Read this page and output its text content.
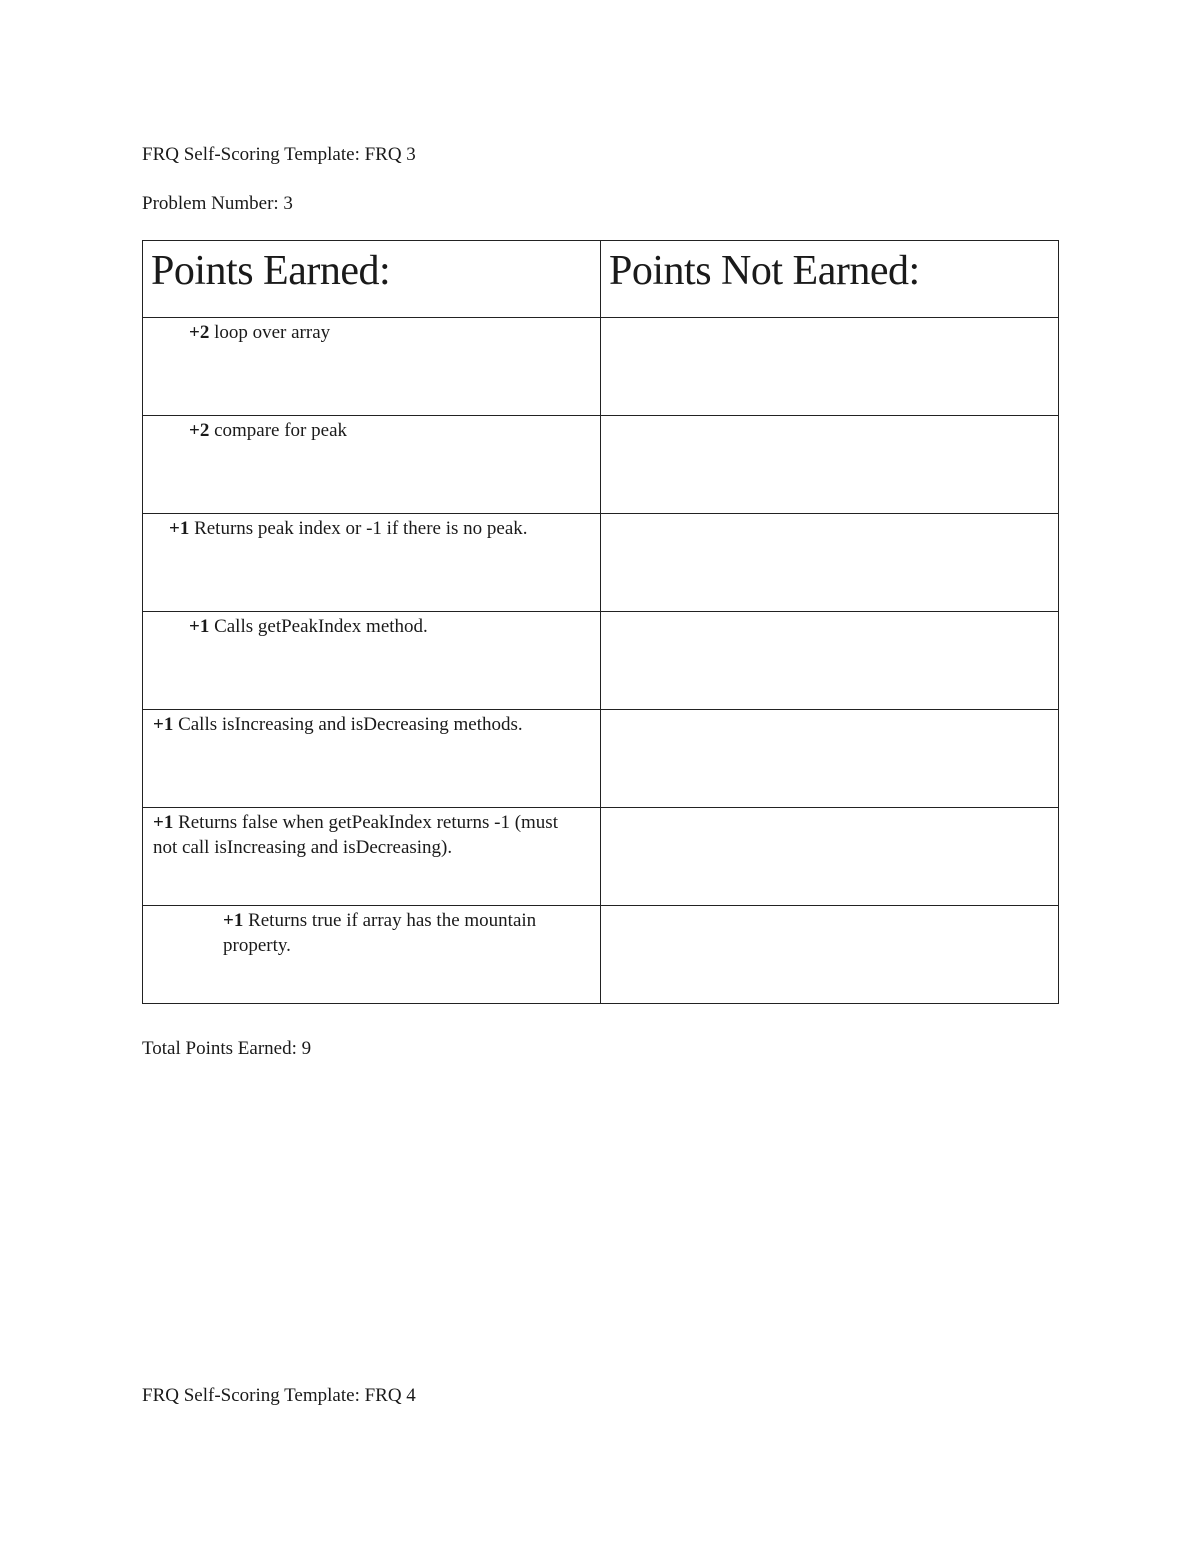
FRQ Self-Scoring Template: FRQ 3
Problem Number: 3
Points Earned:	Points Not Earned:

+2 loop over array	

+2 compare for peak	

+1 Returns peak index or -1 if there is no peak.	

+1 Calls getPeakIndex method.	

+1 Calls isIncreasing and isDecreasing methods.	

+1 Returns false when getPeakIndex returns -1 (must not call isIncreasing and isDecreasing).	

+1 Returns true if array has the mountain property.	

Total Points Earned: 9
FRQ Self-Scoring Template: FRQ 4
